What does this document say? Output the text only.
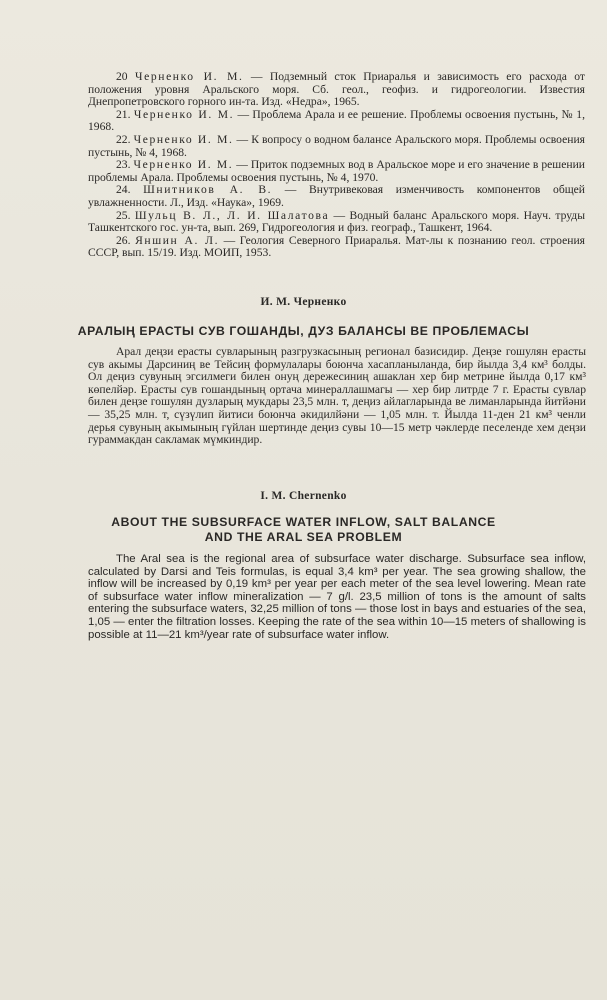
20 Черненко И. М. — Подземный сток Приаралья и зависимость его расхода от положения уровня Аральского моря. Сб. геол., геофиз. и гидрогеологии. Известия Днепропетровского горного ин-та. Изд. «Недра», 1965.

21. Черненко И. М. — Проблема Арала и ее решение. Проблемы освоения пустынь, № 1, 1968.

22. Черненко И. М. — К вопросу о водном балансе Аральского моря. Проблемы освоения пустынь, № 4, 1968.

23. Черненко И. М. — Приток подземных вод в Аральское море и его значение в решении проблемы Арала. Проблемы освоения пустынь, № 4, 1970.

24. Шнитников А. В. — Внутривековая изменчивость компонентов общей увлажненности. Л., Изд. «Наука», 1969.

25. Шульц В. Л., Л. И. Шалатова — Водный баланс Аральского моря. Науч. труды Ташкентского гос. ун-та, вып. 269, Гидрогеология и физ. географ., Ташкент, 1964.

26. Яншин А. Л. — Геология Северного Приаралья. Мат-лы к познанию геол. строения СССР, вып. 15/19. Изд. МОИП, 1953.

И. М. Черненко
АРАЛЫҢ ЕРАСТЫ СУВ ГОШАНДЫ, ДУЗ БАЛАНСЫ ВЕ ПРОБЛЕМАСЫ

Арал деңзи ерасты сувларының разгрузкасының регионал базисидир. Деңзе гошулян ерасты сув акымы Дарсиниң ве Тейсиң формулалары боюнча хасапланыланда, бир йылда 3,4 км³ болды. Ол деңиз сувуның эгсилмеги билен онуң дережесиниң ашаклан хер бир метрине йылда 0,17 км³ көпелйәр. Ерасты сув гошандының ортача минераллашмагы — хер бир литрде 7 г. Ерасты сувлар билен деңзе гошулян дузларың мукдары 23,5 млн. т, деңиз айлагларында ве лиманларында йитйәни — 35,25 млн. т, сүзүлип йитиси боюнча әкидилйәни — 1,05 млн. т. Йылда 11-ден 21 км³ ченли дерья сувуның акымының гүйлан шертинде деңиз сувы 10—15 метр чәклерде песеленде хем деңзи гураммакдан сакламак мүмкиндир.

I. M. Chernenko
ABOUT THE SUBSURFACE WATER INFLOW, SALT BALANCE
AND THE ARAL SEA PROBLEM

The Aral sea is the regional area of subsurface water discharge. Subsurface sea inflow, calculated by Darsi and Teis formulas, is equal 3,4 km³ per year. The sea growing shallow, the inflow will be increased by 0,19 km³ per year per each meter of the sea level lowering. Mean rate of subsurface water inflow mineralization — 7 g/l. 23,5 million of tons is the amount of salts entering the subsurface waters, 32,25 million of tons — those lost in bays and estuaries of the sea, 1,05 — enter the filtration losses. Keeping the rate of the sea within 10—15 meters of shallowing is possible at 11—21 km³/year rate of subsurface water inflow.
